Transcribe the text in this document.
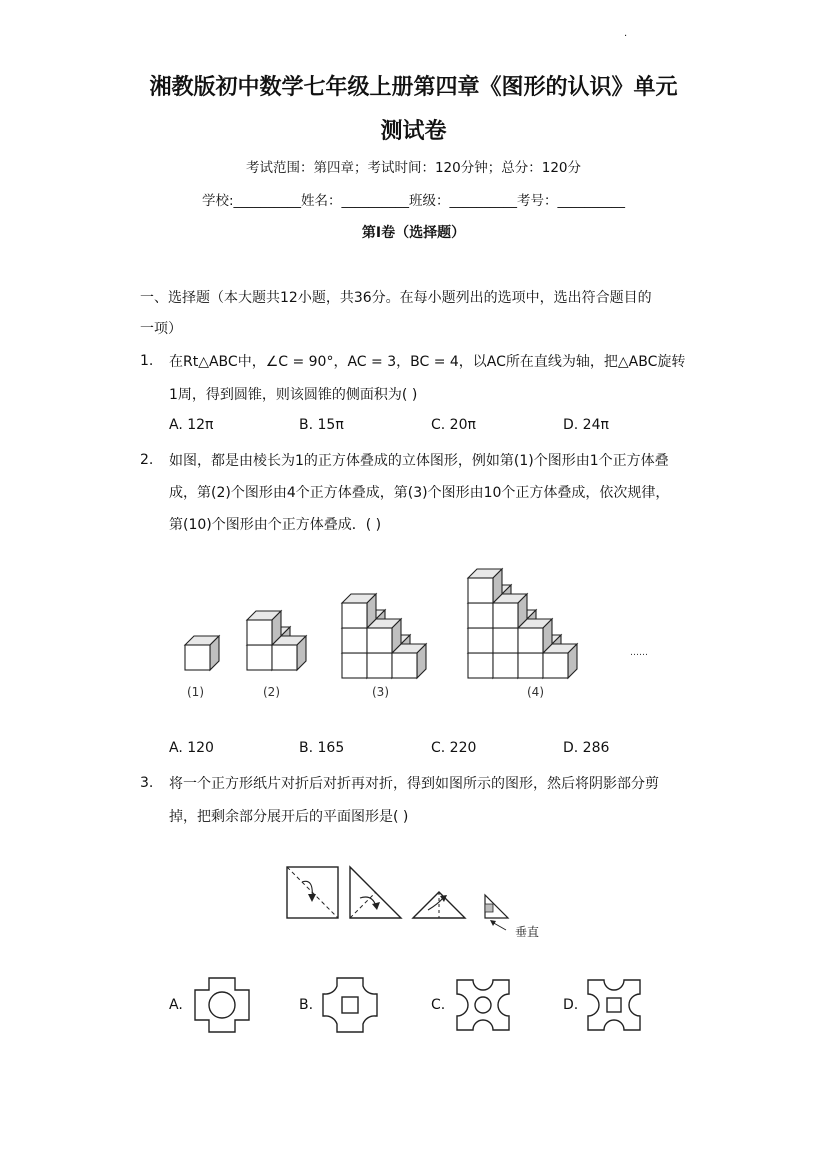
.
湘教版初中数学七年级上册第四章《图形的认识》单元
测试卷
考试范围：第四章；考试时间：120分钟；总分：120分
学校:__________姓名：__________班级：__________考号：__________
第I卷（选择题）
一、选择题（本大题共12小题，共36分。在每小题列出的选项中，选出符合题目的
一项）
1. 在Rt△ABC中，∠C = 90°，AC = 3，BC = 4，以AC所在直线为轴，把△ABC旋转
1周，得到圆锥，则该圆锥的侧面积为( )
A. 12π	B. 15π	C. 20π	D. 24π
2. 如图，都是由棱长为1的正方体叠成的立体图形，例如第(1)个图形由1个正方体叠
成，第(2)个图形由4个正方体叠成，第(3)个图形由10个正方体叠成，依次规律，
第(10)个图形由个正方体叠成．( )
(1)	(2)	(3)	(4)
……
A. 120	B. 165	C. 220	D. 286
3. 将一个正方形纸片对折后对折再对折，得到如图所示的图形，然后将阴影部分剪
掉，把剩余部分展开后的平面图形是( )
垂直
A.	B.	C.	D.
